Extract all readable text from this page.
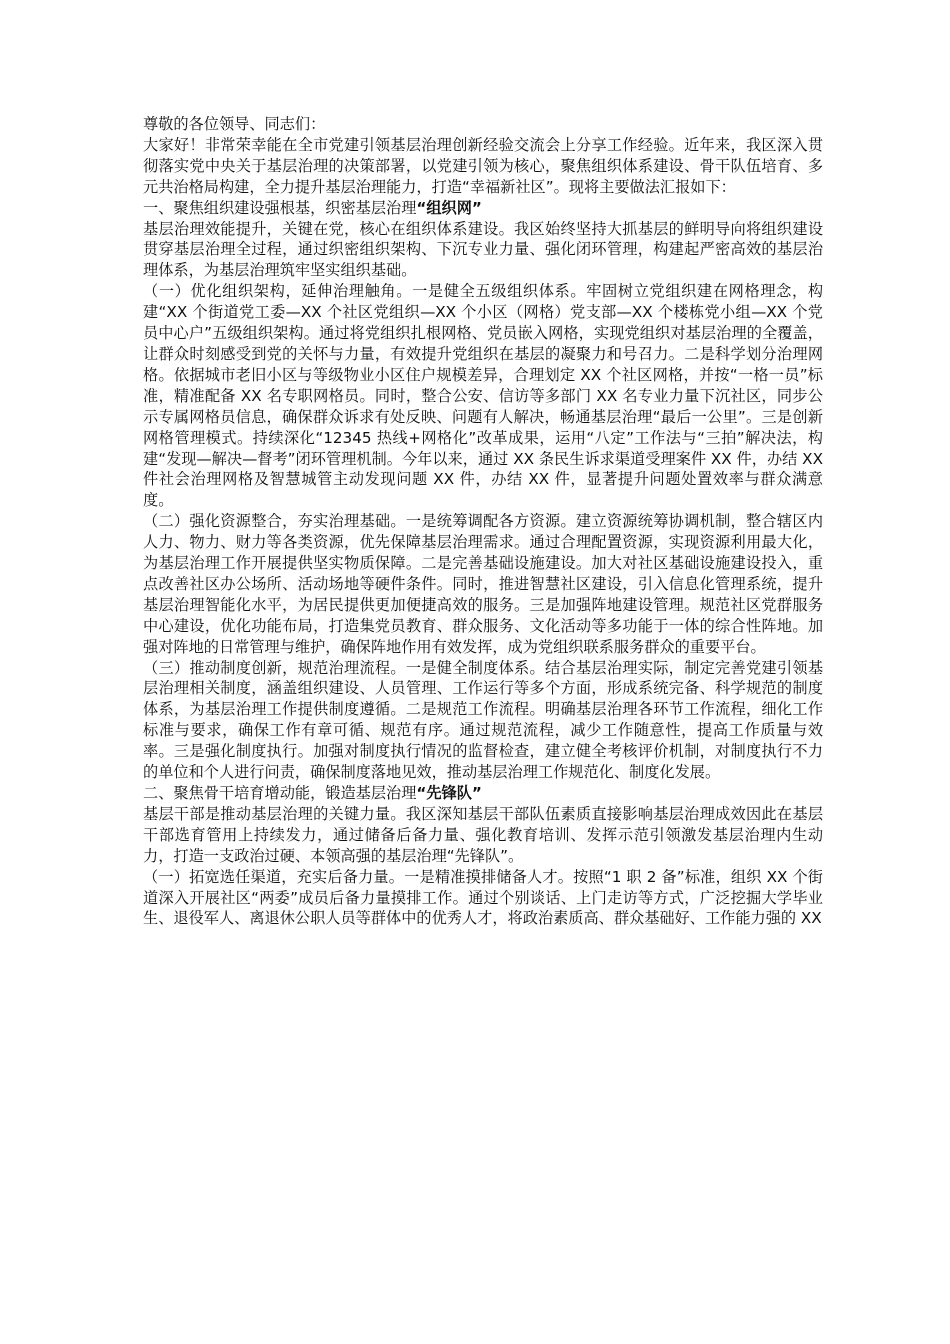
尊敬的各位领导、同志们：

大家好！非常荣幸能在全市党建引领基层治理创新经验交流会上分享工作经验。近年来，我区深入贯彻落实党中央关于基层治理的决策部署，以党建引领为核心，聚焦组织体系建设、骨干队伍培育、多元共治格局构建，全力提升基层治理能力，打造“幸福新社区”。现将主要做法汇报如下：

一、聚焦组织建设强根基，织密基层治理“组织网”

基层治理效能提升，关键在党，核心在组织体系建设。我区始终坚持大抓基层的鲜明导向将组织建设贯穿基层治理全过程，通过织密组织架构、下沉专业力量、强化闭环管理，构建起严密高效的基层治理体系，为基层治理筑牢坚实组织基础。

（一）优化组织架构，延伸治理触角。一是健全五级组织体系。牢固树立党组织建在网格理念，构建“XX 个街道党工委—XX 个社区党组织—XX 个小区（网格）党支部—XX 个楼栋党小组—XX 个党员中心户”五级组织架构。通过将党组织扎根网格、党员嵌入网格，实现党组织对基层治理的全覆盖，让群众时刻感受到党的关怀与力量，有效提升党组织在基层的凝聚力和号召力。二是科学划分治理网格。依据城市老旧小区与等级物业小区住户规模差异，合理划定 XX 个社区网格，并按“一格一员”标准，精准配备 XX 名专职网格员。同时，整合公安、信访等多部门 XX 名专业力量下沉社区，同步公示专属网格员信息，确保群众诉求有处反映、问题有人解决，畅通基层治理“最后一公里”。三是创新网格管理模式。持续深化“12345 热线+网格化”改革成果，运用“八定”工作法与“三拍”解决法，构建“发现—解决—督考”闭环管理机制。今年以来，通过 XX 条民生诉求渠道受理案件 XX 件，办结 XX 件社会治理网格及智慧城管主动发现问题 XX 件，办结 XX 件，显著提升问题处置效率与群众满意度。

（二）强化资源整合，夯实治理基础。一是统筹调配各方资源。建立资源统筹协调机制，整合辖区内人力、物力、财力等各类资源，优先保障基层治理需求。通过合理配置资源，实现资源利用最大化，为基层治理工作开展提供坚实物质保障。二是完善基础设施建设。加大对社区基础设施建设投入，重点改善社区办公场所、活动场地等硬件条件。同时，推进智慧社区建设，引入信息化管理系统，提升基层治理智能化水平，为居民提供更加便捷高效的服务。三是加强阵地建设管理。规范社区党群服务中心建设，优化功能布局，打造集党员教育、群众服务、文化活动等多功能于一体的综合性阵地。加强对阵地的日常管理与维护，确保阵地作用有效发挥，成为党组织联系服务群众的重要平台。

（三）推动制度创新，规范治理流程。一是健全制度体系。结合基层治理实际，制定完善党建引领基层治理相关制度，涵盖组织建设、人员管理、工作运行等多个方面，形成系统完备、科学规范的制度体系，为基层治理工作提供制度遵循。二是规范工作流程。明确基层治理各环节工作流程，细化工作标准与要求，确保工作有章可循、规范有序。通过规范流程，减少工作随意性，提高工作质量与效率。三是强化制度执行。加强对制度执行情况的监督检查，建立健全考核评价机制，对制度执行不力的单位和个人进行问责，确保制度落地见效，推动基层治理工作规范化、制度化发展。

二、聚焦骨干培育增动能，锻造基层治理“先锋队”

基层干部是推动基层治理的关键力量。我区深知基层干部队伍素质直接影响基层治理成效因此在基层干部选育管用上持续发力，通过储备后备力量、强化教育培训、发挥示范引领激发基层治理内生动力，打造一支政治过硬、本领高强的基层治理“先锋队”。

（一）拓宽选任渠道，充实后备力量。一是精准摸排储备人才。按照“1 职 2 备”标准，组织 XX 个街道深入开展社区“两委”成员后备力量摸排工作。通过个别谈话、上门走访等方式，广泛挖掘大学毕业生、退役军人、离退休公职人员等群体中的优秀人才，将政治素质高、群众基础好、工作能力强的 XX
